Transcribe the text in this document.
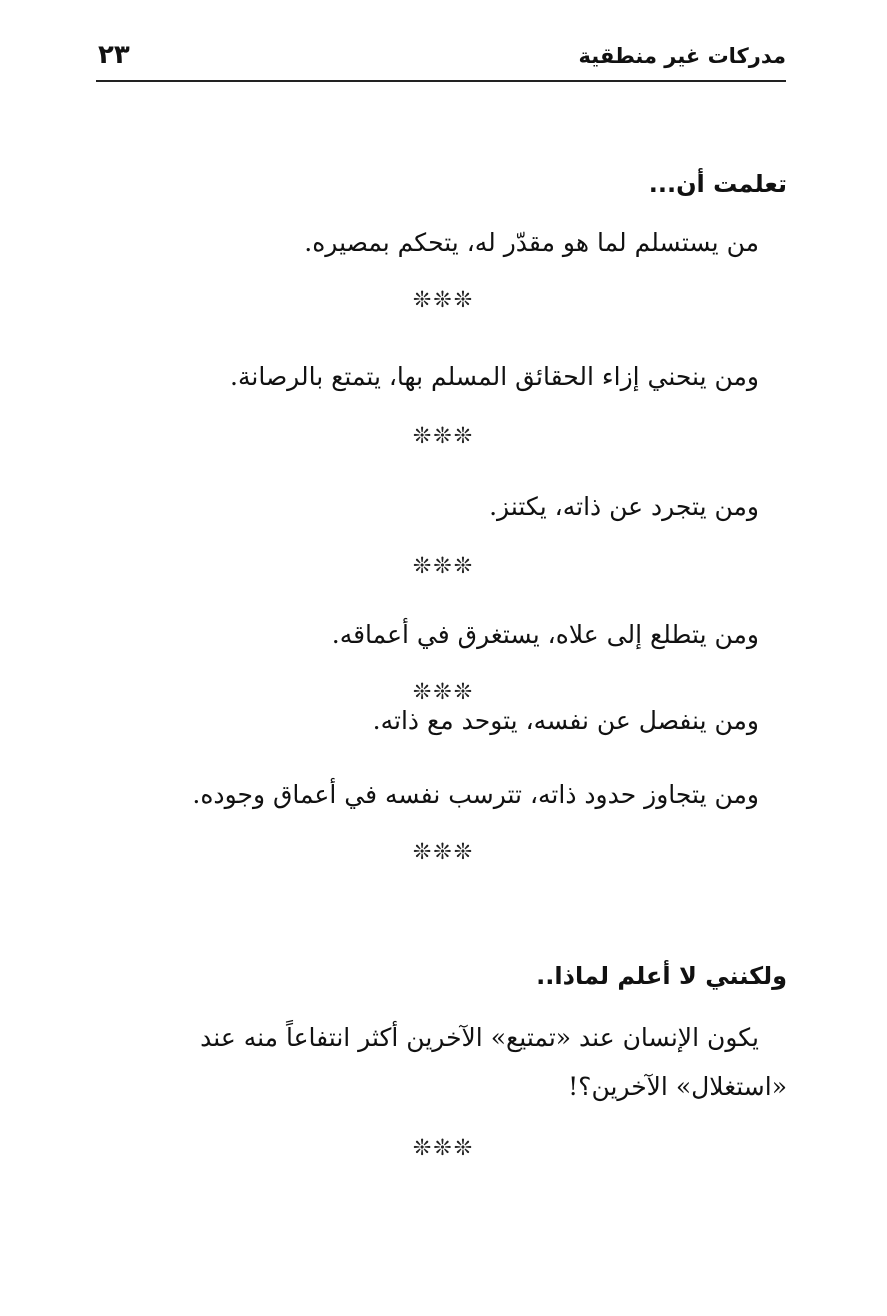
مدركات غير منطقية
٢٣
تعلمت أن...
من يستسلم لما هو مقدّر له، يتحكم بمصيره.
❊❊❊
ومن ينحني إزاء الحقائق المسلم بها، يتمتع بالرصانة.
❊❊❊
ومن يتجرد عن ذاته، يكتنز.
❊❊❊
ومن يتطلع إلى علاه، يستغرق في أعماقه.
❊❊❊
ومن ينفصل عن نفسه، يتوحد مع ذاته.
ومن يتجاوز حدود ذاته، تترسب نفسه في أعماق وجوده.
❊❊❊
ولكنني لا أعلم لماذا..
يكون الإنسان عند «تمتيع» الآخرين أكثر انتفاعاً منه عند
«استغلال» الآخرين؟!
❊❊❊
